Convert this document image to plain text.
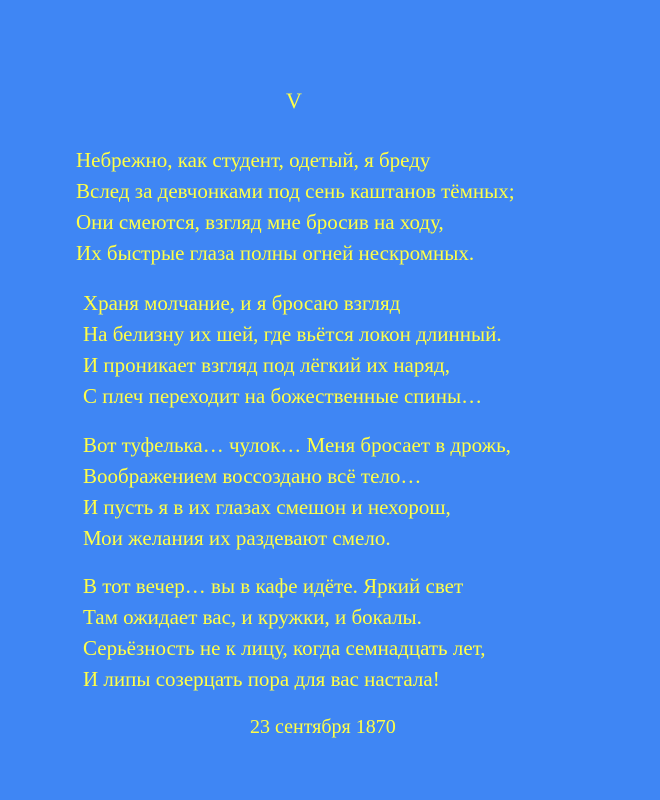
V
Небрежно, как студент, одетый, я бреду
Вслед за девчонками под сень каштанов тёмных;
Они смеются, взгляд мне бросив на ходу,
Их быстрые глаза полны огней нескромных.
Храня молчание, и я бросаю взгляд
На белизну их шей, где вьётся локон длинный.
И проникает взгляд под лёгкий их наряд,
С плеч переходит на божественные спины…
Вот туфелька… чулок… Меня бросает в дрожь,
Воображением воссоздано всё тело…
И пусть я в их глазах смешон и нехорош,
Мои желания их раздевают смело.
В тот вечер… вы в кафе идёте. Яркий свет
Там ожидает вас, и кружки, и бокалы.
Серьёзность не к лицу, когда семнадцать лет,
И липы созерцать пора для вас настала!
23 сентября 1870
